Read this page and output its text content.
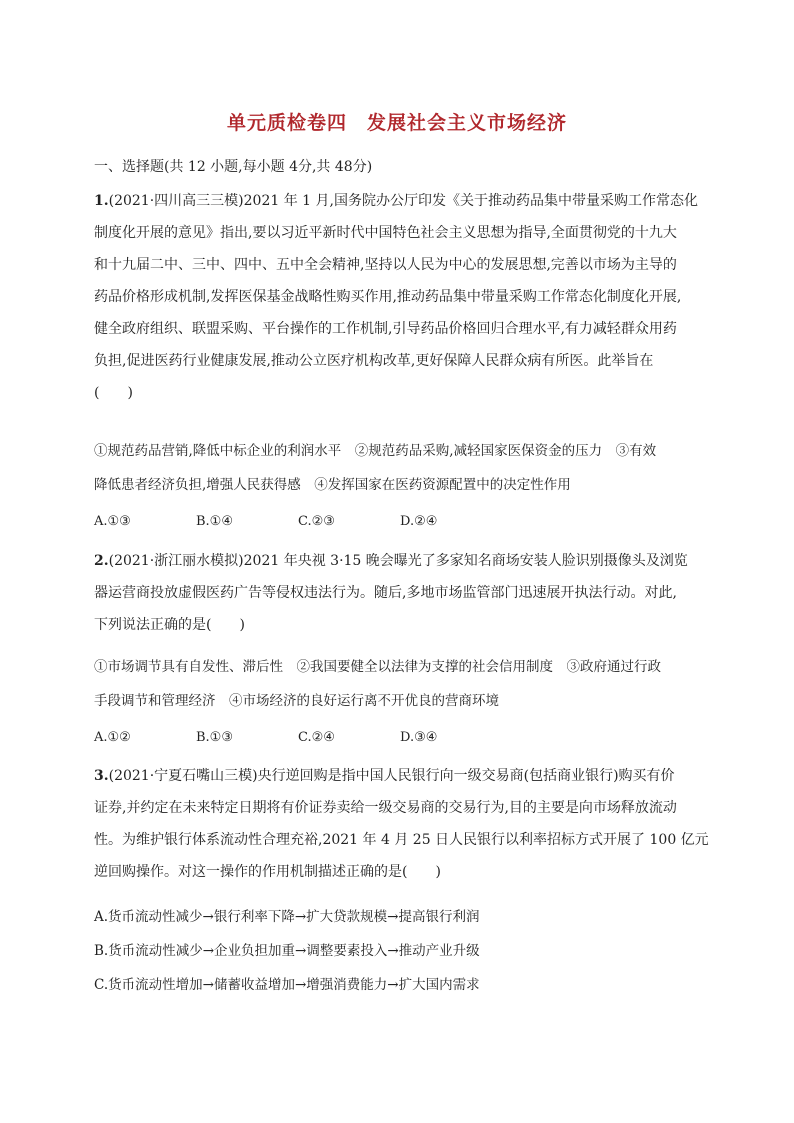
单元质检卷四　发展社会主义市场经济
一、选择题(共 12 小题,每小题 4分,共 48分)
1.(2021·四川高三三模)2021 年 1 月,国务院办公厅印发《关于推动药品集中带量采购工作常态化
制度化开展的意见》指出,要以习近平新时代中国特色社会主义思想为指导,全面贯彻党的十九大
和十九届二中、三中、四中、五中全会精神,坚持以人民为中心的发展思想,完善以市场为主导的
药品价格形成机制,发挥医保基金战略性购买作用,推动药品集中带量采购工作常态化制度化开展,
健全政府组织、联盟采购、平台操作的工作机制,引导药品价格回归合理水平,有力减轻群众用药
负担,促进医药行业健康发展,推动公立医疗机构改革,更好保障人民群众病有所医。此举旨在
(　　)
①规范药品营销,降低中标企业的利润水平　②规范药品采购,减轻国家医保资金的压力　③有效
降低患者经济负担,增强人民获得感　④发挥国家在医药资源配置中的决定性作用
A.①③	B.①④	C.②③	D.②④
2.(2021·浙江丽水模拟)2021 年央视 3·15 晚会曝光了多家知名商场安装人脸识别摄像头及浏览
器运营商投放虚假医药广告等侵权违法行为。随后,多地市场监管部门迅速展开执法行动。对此,
下列说法正确的是(　　)
①市场调节具有自发性、滞后性　②我国要健全以法律为支撑的社会信用制度　③政府通过行政
手段调节和管理经济　④市场经济的良好运行离不开优良的营商环境
A.①②	B.①③	C.②④	D.③④
3.(2021·宁夏石嘴山三模)央行逆回购是指中国人民银行向一级交易商(包括商业银行)购买有价
证券,并约定在未来特定日期将有价证券卖给一级交易商的交易行为,目的主要是向市场释放流动
性。为维护银行体系流动性合理充裕,2021 年 4 月 25 日人民银行以利率招标方式开展了 100 亿元
逆回购操作。对这一操作的作用机制描述正确的是(　　)
A.货币流动性减少→银行利率下降→扩大贷款规模→提高银行利润
B.货币流动性减少→企业负担加重→调整要素投入→推动产业升级
C.货币流动性增加→储蓄收益增加→增强消费能力→扩大国内需求
